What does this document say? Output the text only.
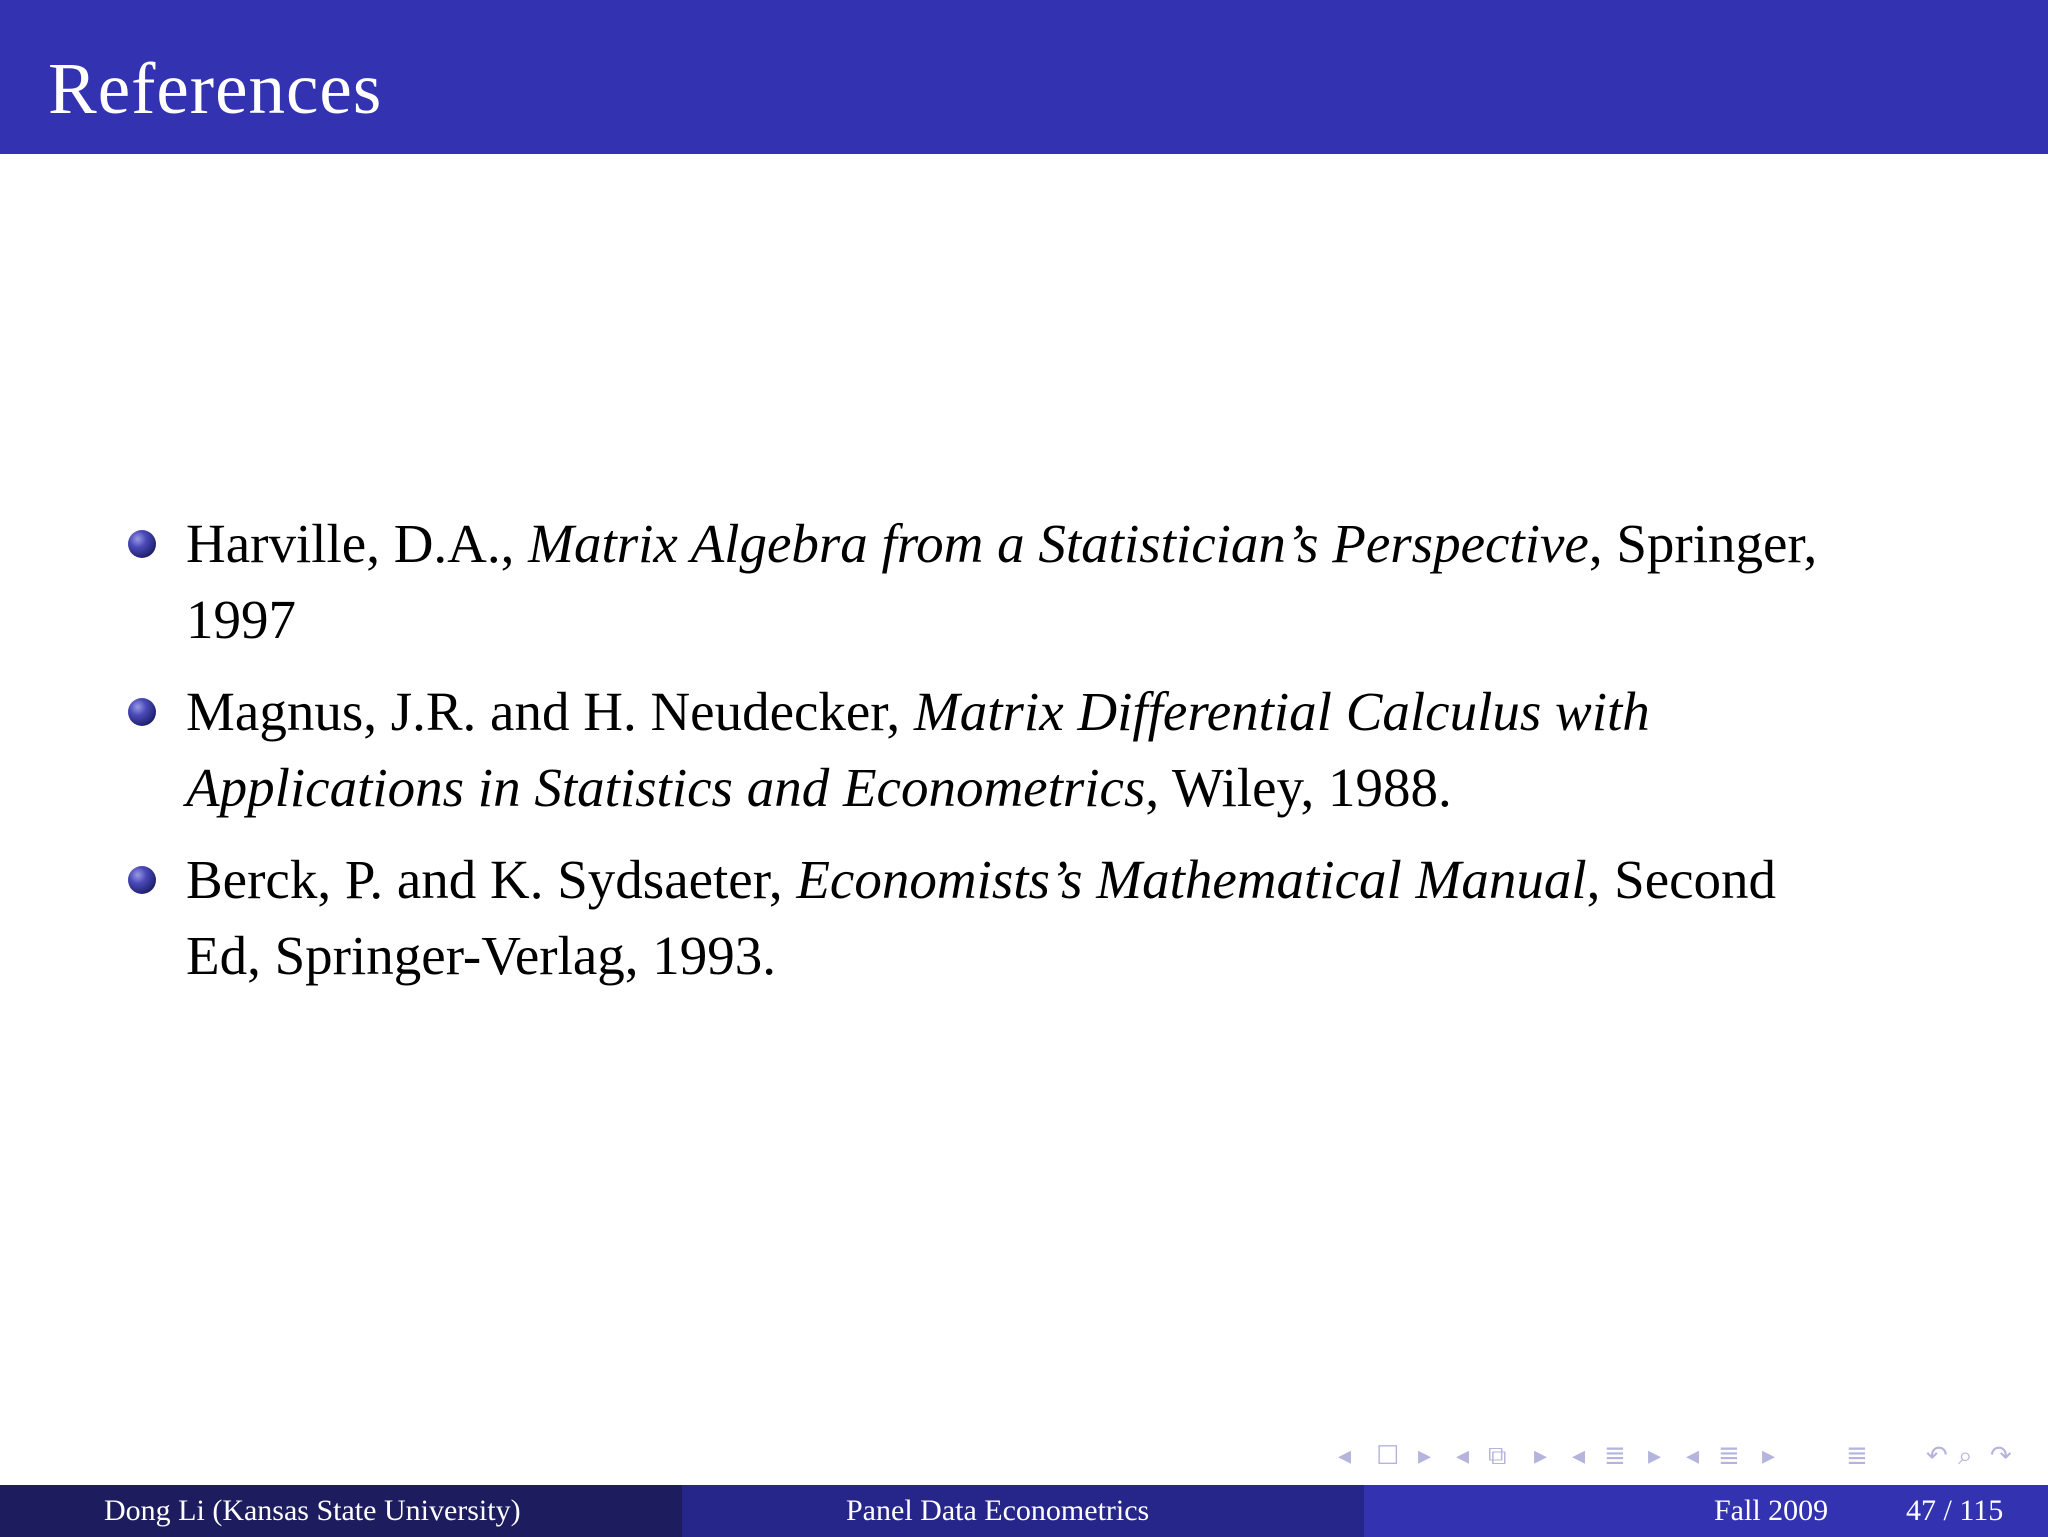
References
Harville, D.A., Matrix Algebra from a Statistician’s Perspective, Springer,
1997
Magnus, J.R. and H. Neudecker, Matrix Differential Calculus with
Applications in Statistics and Econometrics, Wiley, 1988.
Berck, P. and K. Sydsaeter, Economists’s Mathematical Manual, Second
Ed, Springer-Verlag, 1993.
◂ ☐ ▸ ◂ ⧉ ▸ ◂ ≣ ▸ ◂ ≣ ▸	≣ ↶ ⌕ ↷
Dong Li (Kansas State University)	Panel Data Econometrics	Fall 2009	47 / 115
